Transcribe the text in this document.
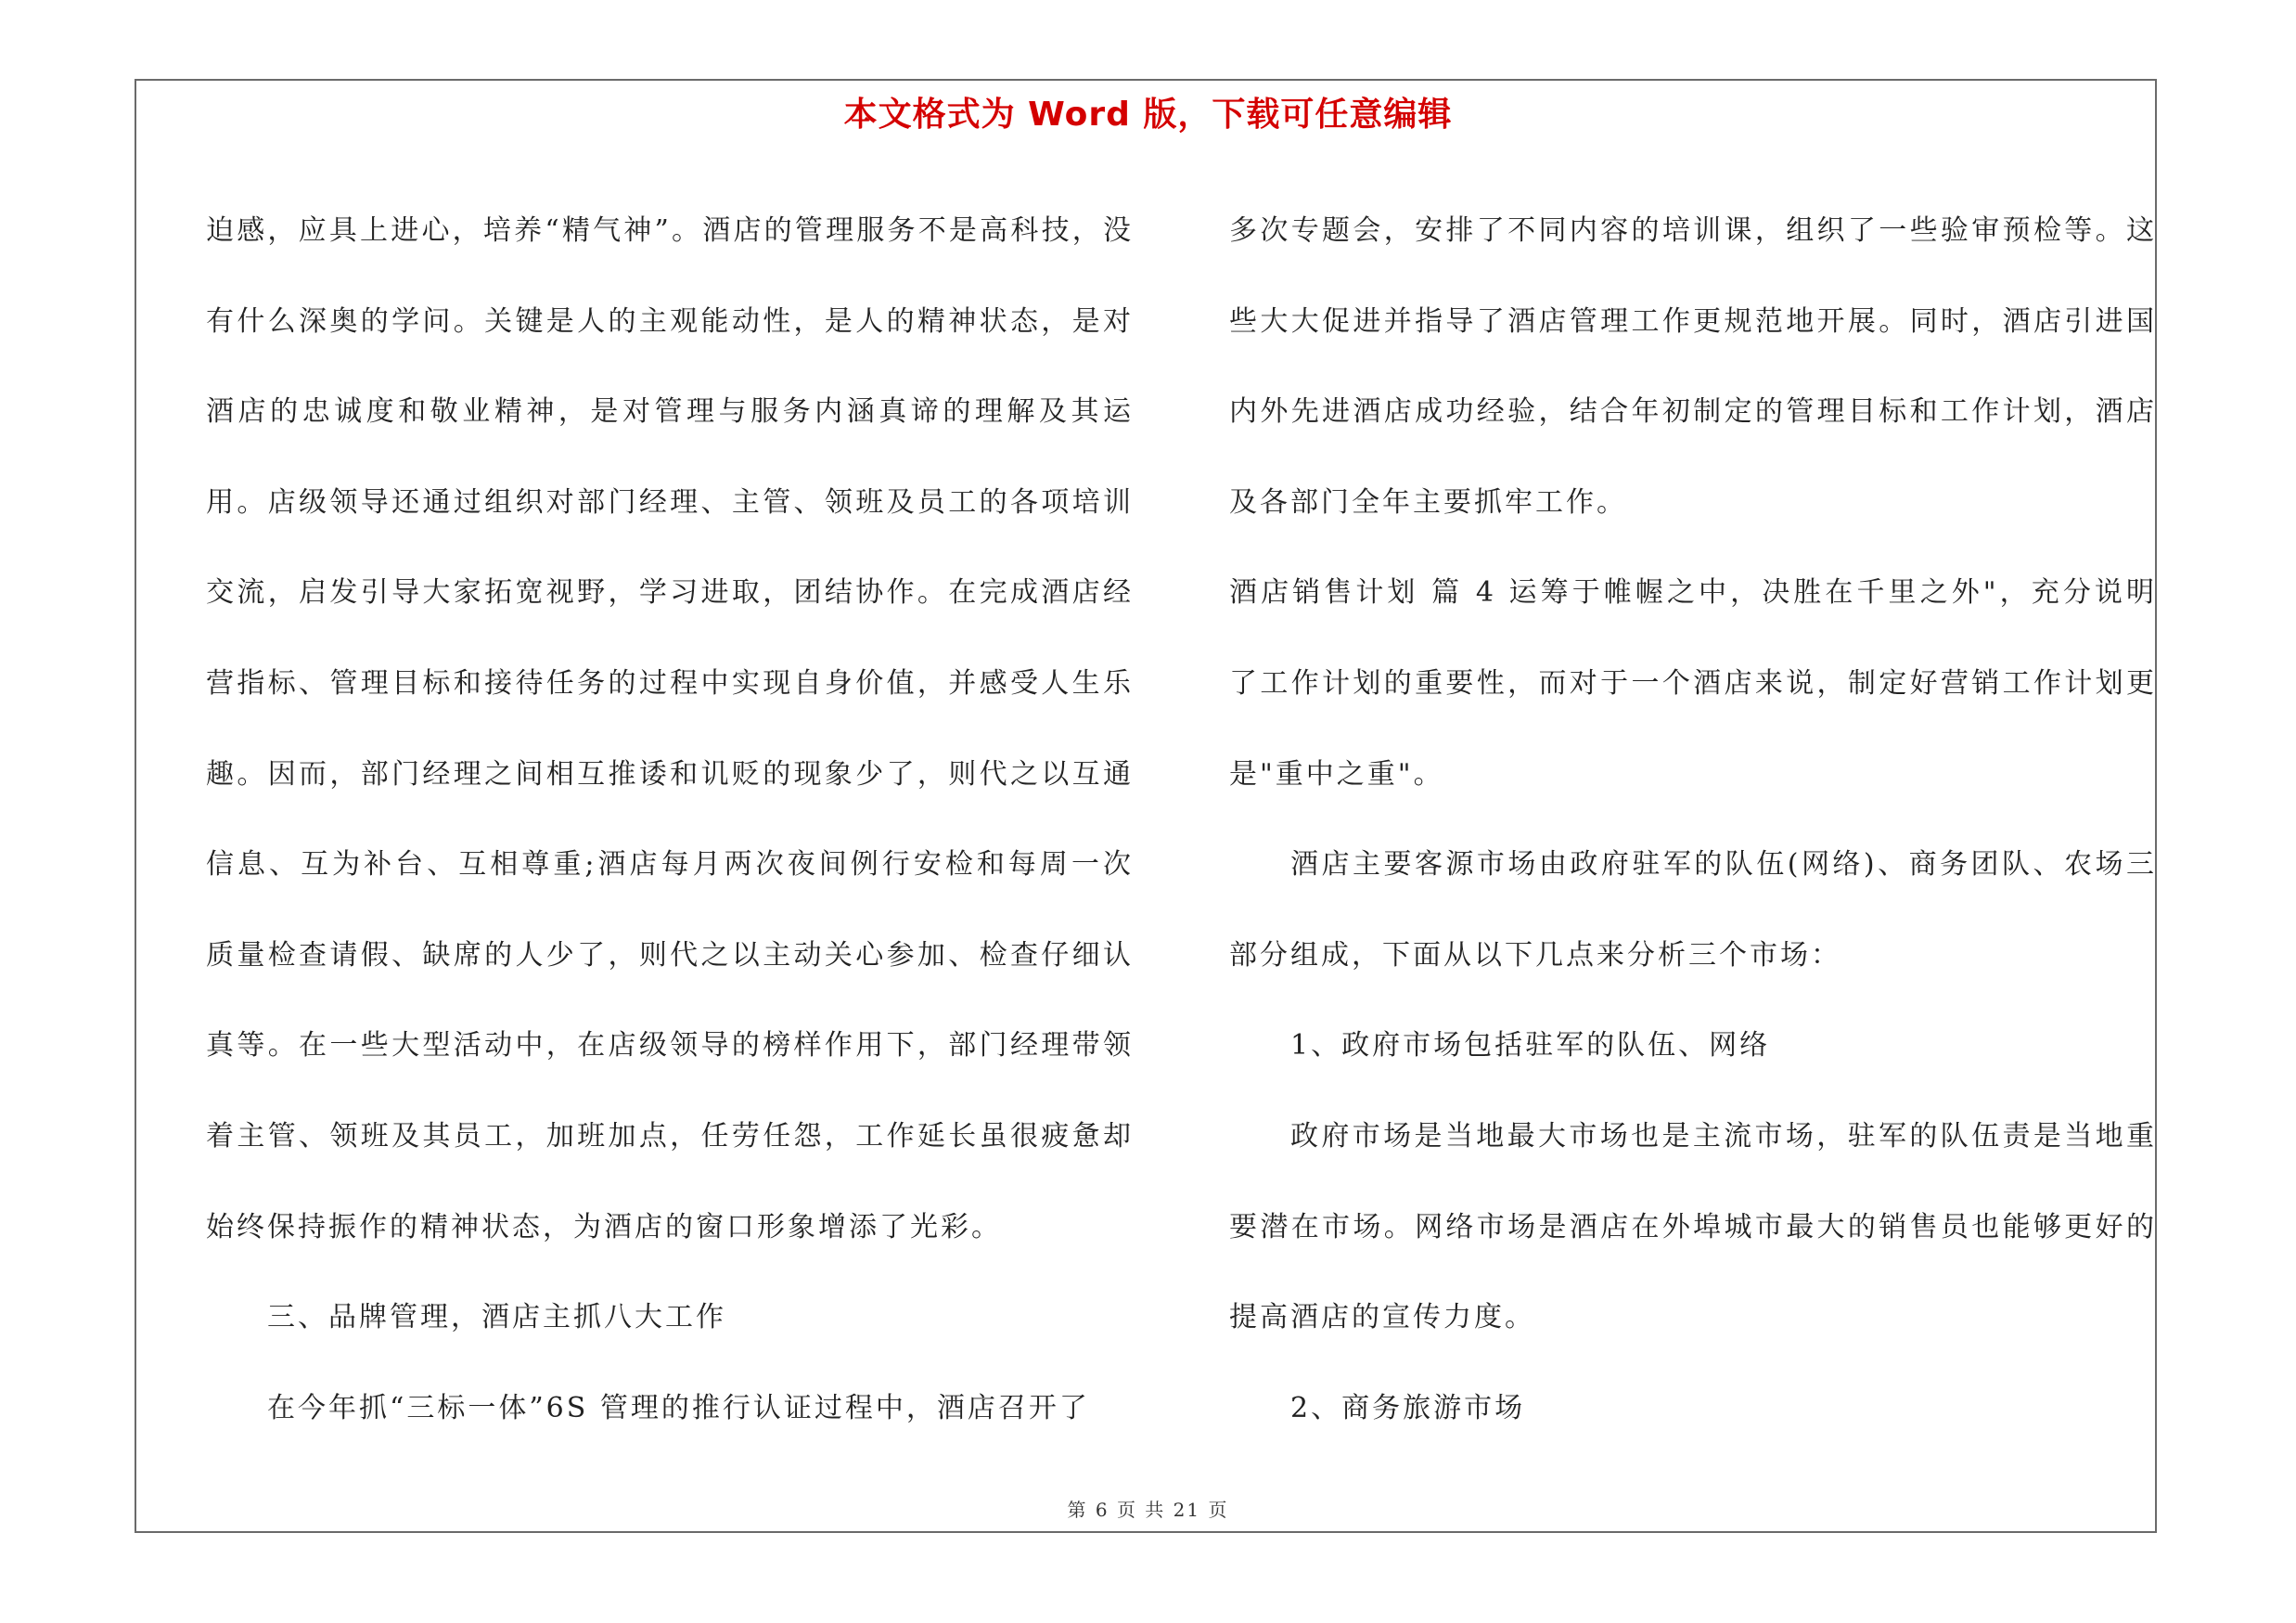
本文格式为 Word 版，下载可任意编辑

迫感，应具上进心，培养“精气神”。酒店的管理服务不是高科技，没有什么深奥的学问。关键是人的主观能动性，是人的精神状态，是对酒店的忠诚度和敬业精神，是对管理与服务内涵真谛的理解及其运用。店级领导还通过组织对部门经理、主管、领班及员工的各项培训交流，启发引导大家拓宽视野，学习进取，团结协作。在完成酒店经营指标、管理目标和接待任务的过程中实现自身价值，并感受人生乐趣。因而，部门经理之间相互推诿和讥贬的现象少了，则代之以互通信息、互为补台、互相尊重;酒店每月两次夜间例行安检和每周一次质量检查请假、缺席的人少了，则代之以主动关心参加、检查仔细认真等。在一些大型活动中，在店级领导的榜样作用下，部门经理带领着主管、领班及其员工，加班加点，任劳任怨，工作延长虽很疲惫却始终保持振作的精神状态，为酒店的窗口形象增添了光彩。

三、品牌管理，酒店主抓八大工作

在今年抓“三标一体”6S 管理的推行认证过程中，酒店召开了

多次专题会，安排了不同内容的培训课，组织了一些验审预检等。这些大大促进并指导了酒店管理工作更规范地开展。同时，酒店引进国内外先进酒店成功经验，结合年初制定的管理目标和工作计划，酒店及各部门全年主要抓牢工作。

酒店销售计划 篇 4 运筹于帷幄之中，决胜在千里之外"，充分说明了工作计划的重要性，而对于一个酒店来说，制定好营销工作计划更是"重中之重"。

酒店主要客源市场由政府驻军的队伍(网络)、商务团队、农场三部分组成，下面从以下几点来分析三个市场：

1、政府市场包括驻军的队伍、网络

政府市场是当地最大市场也是主流市场，驻军的队伍责是当地重要潜在市场。网络市场是酒店在外埠城市最大的销售员也能够更好的提高酒店的宣传力度。

2、商务旅游市场

第 6 页 共 21 页
